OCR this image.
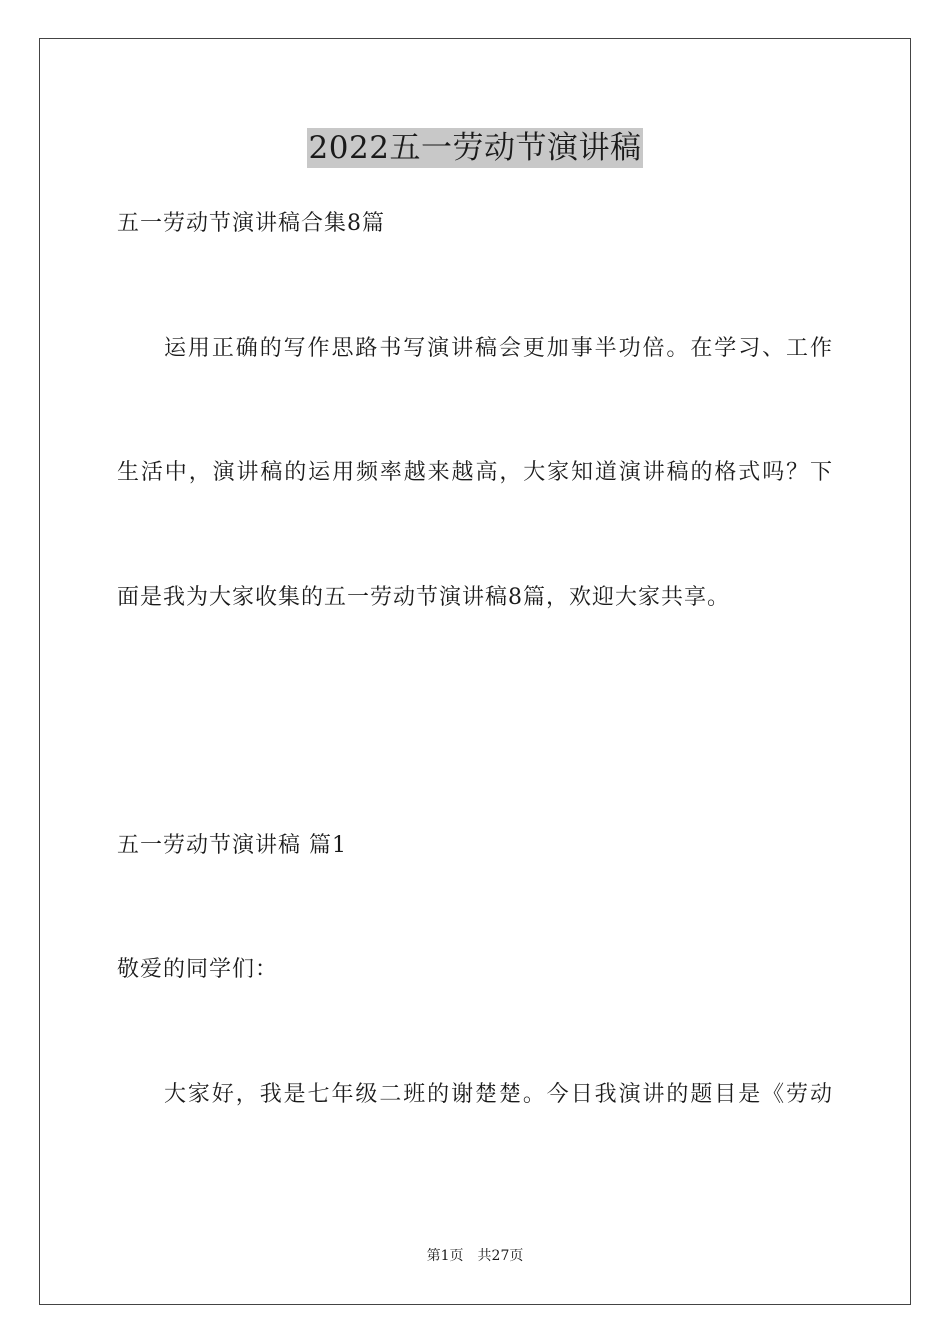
2022五一劳动节演讲稿
五一劳动节演讲稿合集8篇
运用正确的写作思路书写演讲稿会更加事半功倍。在学习、工作
生活中，演讲稿的运用频率越来越高，大家知道演讲稿的格式吗？下
面是我为大家收集的五一劳动节演讲稿8篇，欢迎大家共享。
五一劳动节演讲稿 篇1
敬爱的同学们：
大家好，我是七年级二班的谢楚楚。今日我演讲的题目是《劳动
第1页 共27页
